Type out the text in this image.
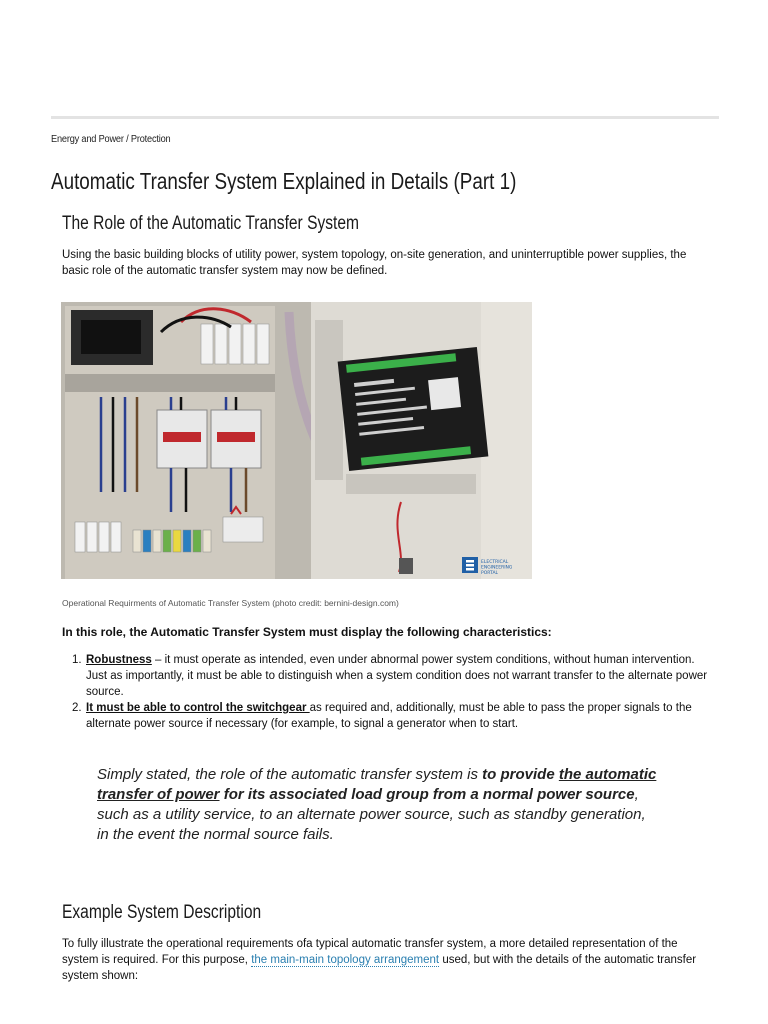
Energy and Power / Protection
Automatic Transfer System Explained in Details (Part 1)
The Role of the Automatic Transfer System

Using the basic building blocks of utility power, system topology, on-site generation, and uninterruptible power supplies, the basic role of the automatic transfer system may now be defined.

ELECTRICAL
ENGINEERING
PORTAL
Operational Requirments of Automatic Transfer System (photo credit: bernini-design.com)

In this role, the Automatic Transfer System must display the following characteristics:

1. Robustness – it must operate as intended, even under abnormal power system conditions, without human intervention. Just as importantly, it must be able to distinguish when a system condition does not warrant transfer to the alternate power source.
2. It must be able to control the switchgear as required and, additionally, must be able to pass the proper signals to the alternate power source if necessary (for example, to signal a generator when to start.
Simply stated, the role of the automatic transfer system is to provide the automatic transfer of power for its associated load group from a normal power source, such as a utility service, to an alternate power source, such as standby generation, in the event the normal source fails.
Example System Description

To fully illustrate the operational requirements ofa typical automatic transfer system, a more detailed representation of the system is required. For this purpose, the main-main topology arrangement used, but with the details of the automatic transfer system shown:
